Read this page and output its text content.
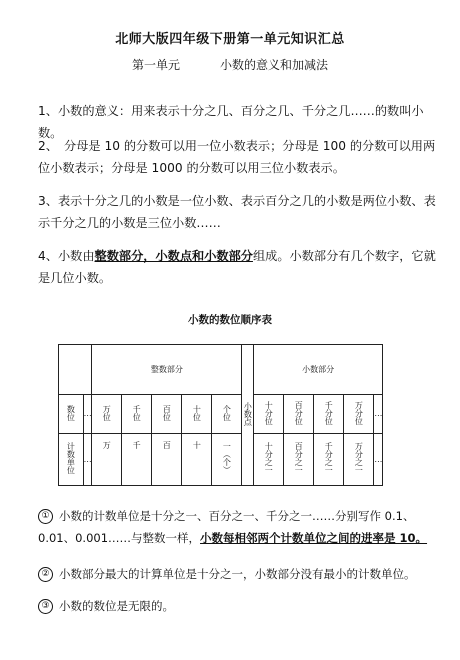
北师大版四年级下册第一单元知识汇总
第一单元	小数的意义和加减法
1、小数的意义：用来表示十分之几、百分之几、千分之几……的数叫小数。
2、　分母是 10 的分数可以用一位小数表示；分母是 100 的分数可以用两位小数表示；分母是 1000 的分数可以用三位小数表示。
3、表示十分之几的小数是一位小数、表示百分之几的小数是两位小数、表示千分之几的小数是三位小数……
4、小数由整数部分，小数点和小数部分组成。小数部分有几个数字，它就是几位小数。
小数的数位顺序表
		整数部分					小数点	小数部分				
数位	…	万位	千位	百位	十位	个位		十分位	百分位	千分位	万分位	…
计数单位	…	万	千	百	十	一（个）		十分之一	百分之一	千分之一	万分之一	…
① 小数的计数单位是十分之一、百分之一、千分之一……分别写作 0.1、0.01、0.001……与整数一样，小数每相邻两个计数单位之间的进率是 10。
② 小数部分最大的计算单位是十分之一，小数部分没有最小的计数单位。
③ 小数的数位是无限的。
